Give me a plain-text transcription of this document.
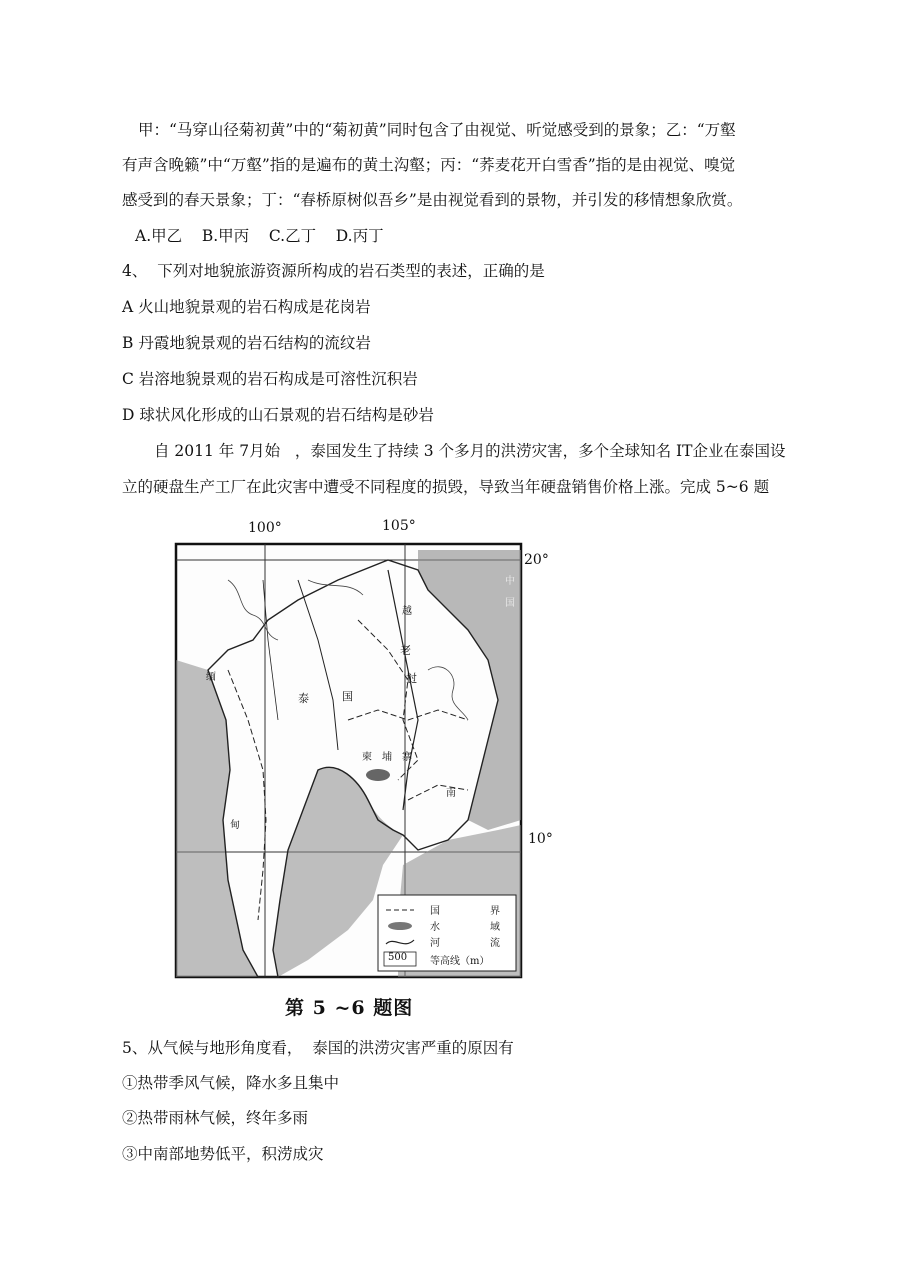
甲：“马穿山径菊初黄”中的“菊初黄”同时包含了由视觉、听觉感受到的景象；乙：“万壑
有声含晚籁”中“万壑”指的是遍布的黄土沟壑；丙：“荞麦花开白雪香”指的是由视觉、嗅觉
感受到的春天景象；丁：“春桥原树似吾乡”是由视觉看到的景物，并引发的移情想象欣赏。
A.甲乙    B.甲丙    C.乙丁    D.丙丁
4、  下列对地貌旅游资源所构成的岩石类型的表述，正确的是
A 火山地貌景观的岩石构成是花岗岩
B 丹霞地貌景观的岩石结构的流纹岩
C 岩溶地貌景观的岩石构成是可溶性沉积岩
D 球状风化形成的山石景观的岩石结构是砂岩
自 2011 年 7月始   ，泰国发生了持续 3 个多月的洪涝灾害，多个全球知名 IT企业在泰国设
立的硬盘生产工厂在此灾害中遭受不同程度的损毁，导致当年硬盘销售价格上涨。完成 5~6 题
100°	105°
20°
10°
泰	国
老
挝
柬 埔 寨
南
缅
甸
中
国
越
国	界
水	域
河	流
500 等高线（m）
第 5 ~6 题图
5、从气候与地形角度看，  泰国的洪涝灾害严重的原因有
①热带季风气候，降水多且集中
②热带雨林气候，终年多雨
③中南部地势低平，积涝成灾
